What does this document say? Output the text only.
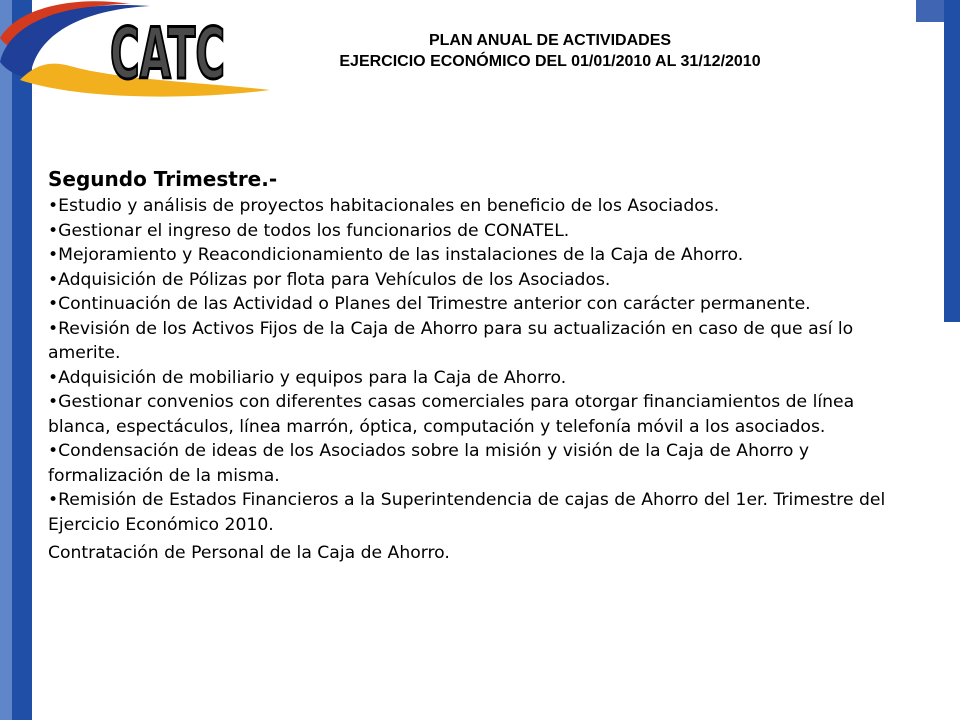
CATC	PLAN ANUAL DE ACTIVIDADES
EJERCICIO ECONÓMICO DEL 01/01/2010 AL 31/12/2010
Segundo Trimestre.-
•Estudio y análisis de proyectos habitacionales en beneficio de los Asociados.
•Gestionar el ingreso de todos los funcionarios de CONATEL.
•Mejoramiento y Reacondicionamiento de las instalaciones de la Caja de Ahorro.
•Adquisición de Pólizas por flota para Vehículos de los Asociados.
•Continuación de las Actividad o Planes del Trimestre anterior con carácter permanente.
•Revisión de los Activos Fijos de la Caja de Ahorro para su actualización en caso de que así lo amerite.
•Adquisición de mobiliario y equipos para la Caja de Ahorro.
•Gestionar convenios con diferentes casas comerciales para otorgar financiamientos de línea blanca, espectáculos, línea marrón, óptica, computación y telefonía móvil a los asociados.
•Condensación de ideas de los Asociados sobre la misión y visión de la Caja de Ahorro y formalización de la misma.
•Remisión de Estados Financieros a la Superintendencia de cajas de Ahorro del 1er. Trimestre del Ejercicio Económico 2010.
Contratación de Personal de la Caja de Ahorro.
